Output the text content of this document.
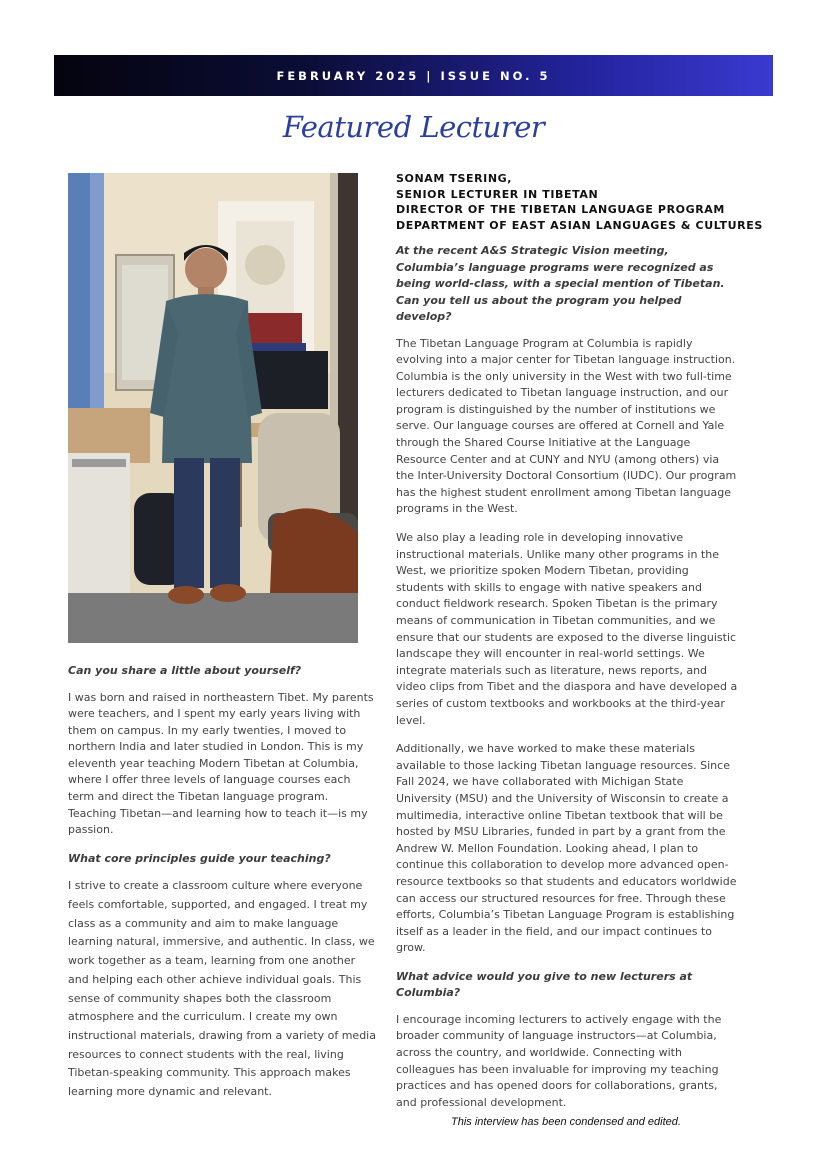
FEBRUARY 2025 | ISSUE NO. 5
Featured Lecturer
SONAM TSERING,
SENIOR LECTURER IN TIBETAN
DIRECTOR OF THE TIBETAN LANGUAGE PROGRAM
DEPARTMENT OF EAST ASIAN LANGUAGES & CULTURES

At the recent A&S Strategic Vision meeting, Columbia’s language programs were recognized as being world-class, with a special mention of Tibetan. Can you tell us about the program you helped develop?

The Tibetan Language Program at Columbia is rapidly evolving into a major center for Tibetan language instruction. Columbia is the only university in the West with two full-time lecturers dedicated to Tibetan language instruction, and our program is distinguished by the number of institutions we serve. Our language courses are offered at Cornell and Yale through the Shared Course Initiative at the Language Resource Center and at CUNY and NYU (among others) via the Inter-University Doctoral Consortium (IUDC). Our program has the highest student enrollment among Tibetan language programs in the West.

We also play a leading role in developing innovative instructional materials. Unlike many other programs in the West, we prioritize spoken Modern Tibetan, providing students with skills to engage with native speakers and conduct fieldwork research. Spoken Tibetan is the primary means of communication in Tibetan communities, and we ensure that our students are exposed to the diverse linguistic landscape they will encounter in real-world settings. We integrate materials such as literature, news reports, and video clips from Tibet and the diaspora and have developed a series of custom textbooks and workbooks at the third-year level.

Additionally, we have worked to make these materials available to those lacking Tibetan language resources. Since Fall 2024, we have collaborated with Michigan State University (MSU) and the University of Wisconsin to create a multimedia, interactive online Tibetan textbook that will be hosted by MSU Libraries, funded in part by a grant from the Andrew W. Mellon Foundation. Looking ahead, I plan to continue this collaboration to develop more advanced open-resource textbooks so that students and educators worldwide can access our structured resources for free. Through these efforts, Columbia’s Tibetan Language Program is establishing itself as a leader in the field, and our impact continues to grow.

What advice would you give to new lecturers at Columbia?

I encourage incoming lecturers to actively engage with the broader community of language instructors—at Columbia, across the country, and worldwide. Connecting with colleagues has been invaluable for improving my teaching practices and has opened doors for collaborations, grants, and professional development.

Can you share a little about yourself?

I was born and raised in northeastern Tibet. My parents were teachers, and I spent my early years living with them on campus. In my early twenties, I moved to northern India and later studied in London. This is my eleventh year teaching Modern Tibetan at Columbia, where I offer three levels of language courses each term and direct the Tibetan language program. Teaching Tibetan—and learning how to teach it—is my passion.

What core principles guide your teaching?

I strive to create a classroom culture where everyone feels comfortable, supported, and engaged. I treat my class as a community and aim to make language learning natural, immersive, and authentic. In class, we work together as a team, learning from one another and helping each other achieve individual goals. This sense of community shapes both the classroom atmosphere and the curriculum. I create my own instructional materials, drawing from a variety of media resources to connect students with the real, living Tibetan-speaking community. This approach makes learning more dynamic and relevant.

This interview has been condensed and edited.
